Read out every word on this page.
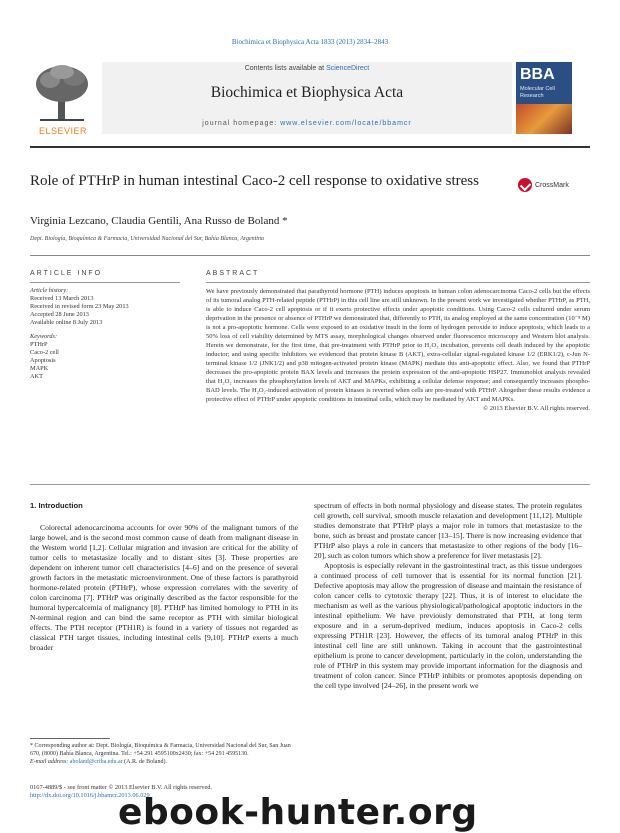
Biochimica et Biophysica Acta 1833 (2013) 2834–2843
ELSEVIER
Contents lists available at ScienceDirect
Biochimica et Biophysica Acta
journal homepage: www.elsevier.com/locate/bbamcr
BBA
Molecular Cell Research
Role of PTHrP in human intestinal Caco-2 cell response to oxidative stress	CrossMark
Virginia Lezcano, Claudia Gentili, Ana Russo de Boland *
Dept. Biología, Bioquímica & Farmacia, Universidad Nacional del Sur, Bahía Blanca, Argentina
ARTICLE INFO
Article history:
Received 13 March 2013
Received in revised form 23 May 2013
Accepted 28 June 2013
Available online 8 July 2013
Keywords:
PTHrP
Caco-2 cell
Apoptosis
MAPK
AKT
ABSTRACT
We have previously demonstrated that parathyroid hormone (PTH) induces apoptosis in human colon adenocarcinoma Caco-2 cells but the effects of its tumoral analog PTH-related peptide (PTHrP) in this cell line are still unknown. In the present work we investigated whether PTHrP, as PTH, is able to induce Caco-2 cell apoptosis or if it exerts protective effects under apoptotic conditions. Using Caco-2 cells cultured under serum deprivation in the presence or absence of PTHrP we demonstrated that, differently to PTH, its analog employed at the same concentration (10⁻⁸ M) is not a pro-apoptotic hormone. Cells were exposed to an oxidative insult in the form of hydrogen peroxide to induce apoptosis, which leads to a 50% loss of cell viability determined by MTS assay, morphological changes observed under fluorescence microscopy and Western blot analysis. Herein we demonstrate, for the first time, that pre-treatment with PTHrP prior to H₂O₂ incubation, prevents cell death induced by the apoptotic inductor; and using specific inhibitors we evidenced that protein kinase B (AKT), extra-cellular signal-regulated kinase 1/2 (ERK1/2), c-Jun N-terminal kinase 1/2 (JNK1/2) and p38 mitogen-activated protein kinase (MAPK) mediate this anti-apoptotic effect. Also, we found that PTHrP decreases the pro-apoptotic protein BAX levels and increases the protein expression of the anti-apoptotic HSP27. Immunoblot analysis revealed that H₂O₂ increases the phosphorylation levels of AKT and MAPKs, exhibiting a cellular defense response; and consequently increases phospho-BAD levels. The H₂O₂-induced activation of protein kinases is reverted when cells are pre-treated with PTHrP. Altogether these results evidence a protective effect of PTHrP under apoptotic conditions in intestinal cells, which may be mediated by AKT and MAPKs.
© 2013 Elsevier B.V. All rights reserved.
1. Introduction

Colorectal adenocarcinoma accounts for over 90% of the malignant tumors of the large bowel, and is the second most common cause of death from malignant disease in the Western world [1,2]. Cellular migration and invasion are critical for the ability of tumor cells to metastasize locally and to distant sites [3]. These properties are dependent on inherent tumor cell characteristics [4–6] and on the presence of several growth factors in the metastatic microenvironment. One of these factors is parathyroid hormone-related protein (PTHrP), whose expression correlates with the severity of colon carcinoma [7]. PTHrP was originally described as the factor responsible for the humoral hypercalcemia of malignancy [8]. PTHrP has limited homology to PTH in its N-terminal region and can bind the same receptor as PTH with similar biological effects. The PTH receptor (PTH1R) is found in a variety of tissues not regarded as classical PTH target tissues, including intestinal cells [9,10]. PTHrP exerts a much broader

spectrum of effects in both normal physiology and disease states. The protein regulates cell growth, cell survival, smooth muscle relaxation and development [11,12]. Multiple studies demonstrate that PTHrP plays a major role in tumors that metastasize to the bone, such as breast and prostate cancer [13–15]. There is now increasing evidence that PTHrP also plays a role in cancers that metastasize to other regions of the body [16–20], such as colon tumors which show a preference for liver metastasis [2].

Apoptosis is especially relevant in the gastrointestinal tract, as this tissue undergoes a continued process of cell turnover that is essential for its normal function [21]. Defective apoptosis may allow the progression of disease and maintain the resistance of colon cancer cells to cytotoxic therapy [22]. Thus, it is of interest to elucidate the mechanism as well as the various physiological/pathological apoptotic inductors in the intestinal epithelium. We have previously demonstrated that PTH, at long term exposure and in a serum-deprived medium, induces apoptosis in Caco-2 cells expressing PTH1R [23]. However, the effects of its tumoral analog PTHrP in this intestinal cell line are still unknown. Taking in account that the gastrointestinal epithelium is prone to cancer development, particularly in the colon, understanding the role of PTHrP in this system may provide important information for the diagnosis and treatment of colon cancer. Since PTHrP inhibits or promotes apoptosis depending on the cell type involved [24–26], in the present work we

* Corresponding author at: Dept. Biología, Bioquímica & Farmacia, Universidad Nacional del Sur, San Juan 670, (8000) Bahía Blanca, Argentina. Tel.: +54 291 4595100x2430; fax: +54 291 4595130.
E-mail address: aboland@criba.edu.ar (A.R. de Boland).
0167-4889/$ - see front matter © 2013 Elsevier B.V. All rights reserved.
http://dx.doi.org/10.1016/j.bbamcr.2013.06.029
ebook-hunter.org
